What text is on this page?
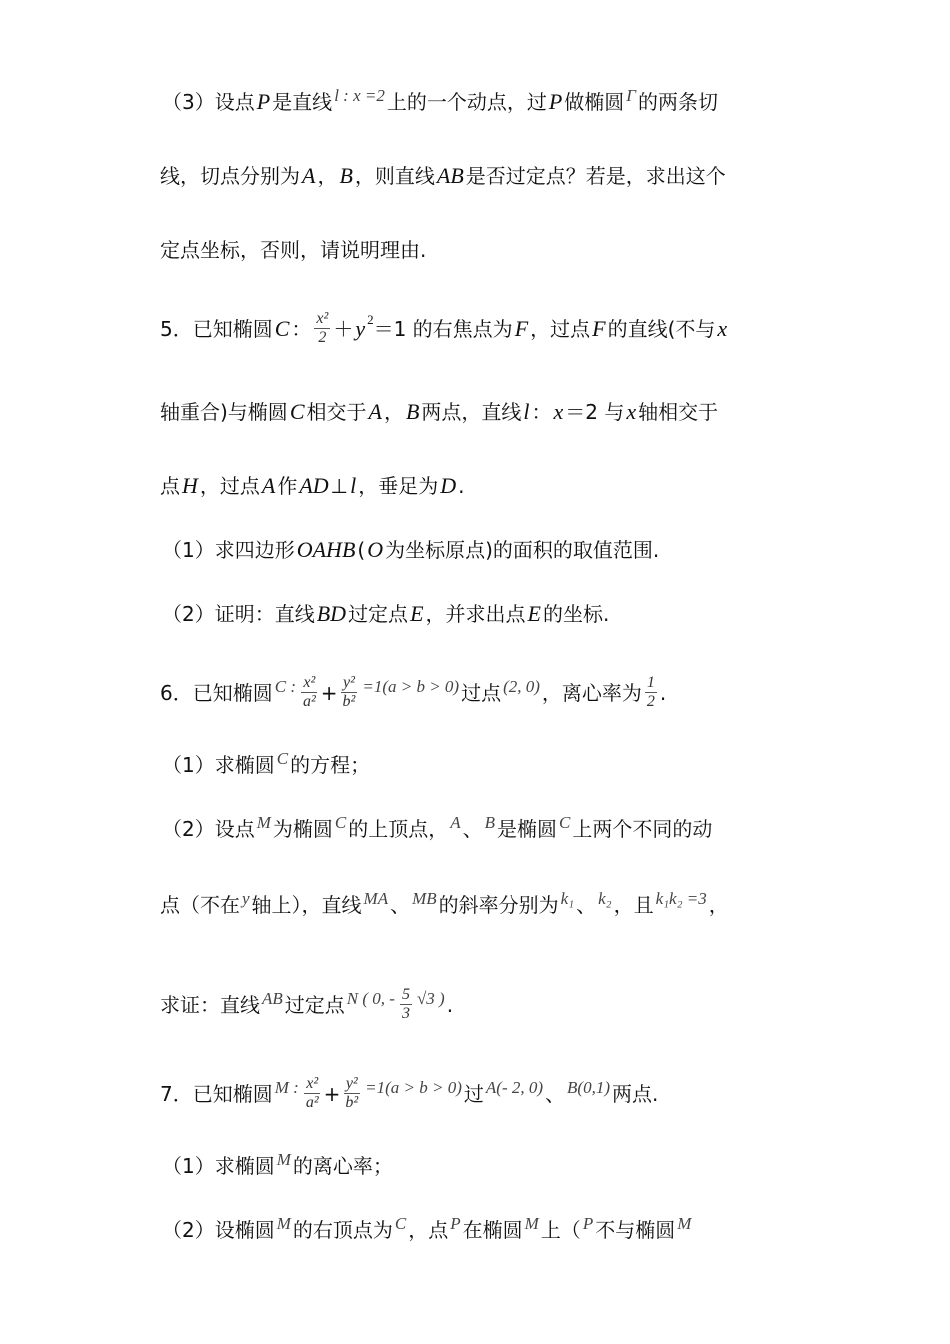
（3）设点 P 是直线 l : x =2 上的一个动点，过 P 做椭圆 Γ 的两条切
线，切点分别为 A ， B ，则直线 AB 是否过定点？若是，求出这个
定点坐标，否则，请说明理由.
5．已知椭圆 C ： $\frac{\text{x²}}{2} + y$ 2 ＝1 的右焦点为 F ，过点 F 的直线(不与 x
轴重合)与椭圆 C 相交于 A ， B 两点，直线 l ： x ＝2 与 x 轴相交于
点 H ，过点 A 作 AD ⊥ l ，垂足为 D .
（1）求四边形 OAHB ( O 为坐标原点)的面积的取值范围.
（2）证明：直线 BD 过定点 E ，并求出点 E 的坐标.
6．已知椭圆 C : $\frac{\text{x²}}{\text{a²}} + \frac{\text{y²}}{\text{b²}} =1(a > b > 0)$ 过点 (2, 0) ，离心率为 $\frac{1}{2}$ .
（1）求椭圆 C 的方程；
（2）设点 M 为椭圆 C 的上顶点， A 、 B 是椭圆 C 上两个不同的动
点（不在 y 轴上），直线 MA 、 MB 的斜率分别为 k₁ 、 k₂ ，且 k₁k₂ =3 ，
求证：直线 AB 过定点 N ( 0, - $\frac{5}{3} √3$ ) .
7．已知椭圆 M : $\frac{\text{x²}}{\text{a²}} + \frac{\text{y²}}{\text{b²}} =1(a > b > 0)$ 过 A(- 2, 0) 、 B(0,1) 两点.
（1）求椭圆 M 的离心率；
（2）设椭圆 M 的右顶点为 C ，点 P 在椭圆 M 上（ P 不与椭圆 M
